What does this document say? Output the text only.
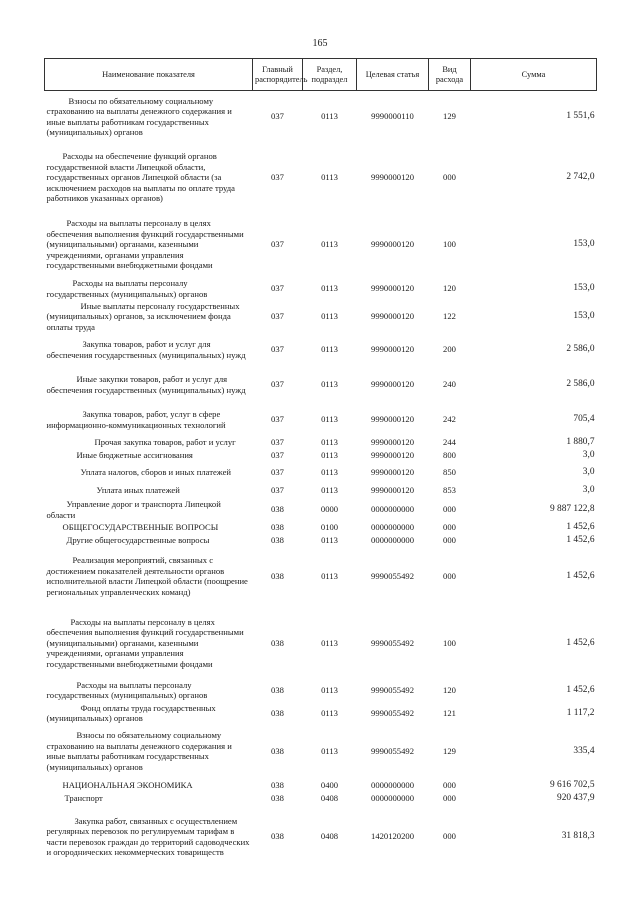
165
Наименование показателя	Главный распорядитель	Раздел, подраздел	Целевая статья	Вид расхода	Сумма
Взносы по обязательному социальному страхованию на выплаты денежного содержания и иные выплаты работникам государственных (муниципальных) органов	037	0113	9990000110	129	1 551,6
Расходы на обеспечение функций органов государственной власти Липецкой области, государственных органов Липецкой области (за исключением расходов на выплаты по оплате труда работников указанных органов)	037	0113	9990000120	000	2 742,0
Расходы на выплаты персоналу в целях обеспечения выполнения функций государственными (муниципальными) органами, казенными учреждениями, органами управления государственными внебюджетными фондами	037	0113	9990000120	100	153,0
Расходы на выплаты персоналу государственных (муниципальных) органов	037	0113	9990000120	120	153,0
Иные выплаты персоналу государственных (муниципальных) органов, за исключением фонда оплаты труда	037	0113	9990000120	122	153,0
Закупка товаров, работ и услуг для обеспечения государственных (муниципальных) нужд	037	0113	9990000120	200	2 586,0
Иные закупки товаров, работ и услуг для обеспечения государственных (муниципальных) нужд	037	0113	9990000120	240	2 586,0
Закупка товаров, работ, услуг в сфере информационно-коммуникационных технологий	037	0113	9990000120	242	705,4
Прочая закупка товаров, работ и услуг	037	0113	9990000120	244	1 880,7
Иные бюджетные ассигнования	037	0113	9990000120	800	3,0
Уплата налогов, сборов и иных платежей	037	0113	9990000120	850	3,0
Уплата иных платежей	037	0113	9990000120	853	3,0
Управление дорог и транспорта Липецкой области	038	0000	0000000000	000	9 887 122,8
ОБЩЕГОСУДАРСТВЕННЫЕ ВОПРОСЫ	038	0100	0000000000	000	1 452,6
Другие общегосударственные вопросы	038	0113	0000000000	000	1 452,6
Реализация мероприятий, связанных с достижением показателей деятельности органов исполнительной власти Липецкой области (поощрение региональных управленческих команд)	038	0113	9990055492	000	1 452,6
Расходы на выплаты персоналу в целях обеспечения выполнения функций государственными (муниципальными) органами, казенными учреждениями, органами управления государственными внебюджетными фондами	038	0113	9990055492	100	1 452,6
Расходы на выплаты персоналу государственных (муниципальных) органов	038	0113	9990055492	120	1 452,6
Фонд оплаты труда государственных (муниципальных) органов	038	0113	9990055492	121	1 117,2
Взносы по обязательному социальному страхованию на выплаты денежного содержания и иные выплаты работникам государственных (муниципальных) органов	038	0113	9990055492	129	335,4
НАЦИОНАЛЬНАЯ ЭКОНОМИКА	038	0400	0000000000	000	9 616 702,5
Транспорт	038	0408	0000000000	000	920 437,9
Закупка работ, связанных с осуществлением регулярных перевозок по регулируемым тарифам в части перевозок граждан до территорий садоводческих и огороднических некоммерческих товариществ	038	0408	1420120200	000	31 818,3
